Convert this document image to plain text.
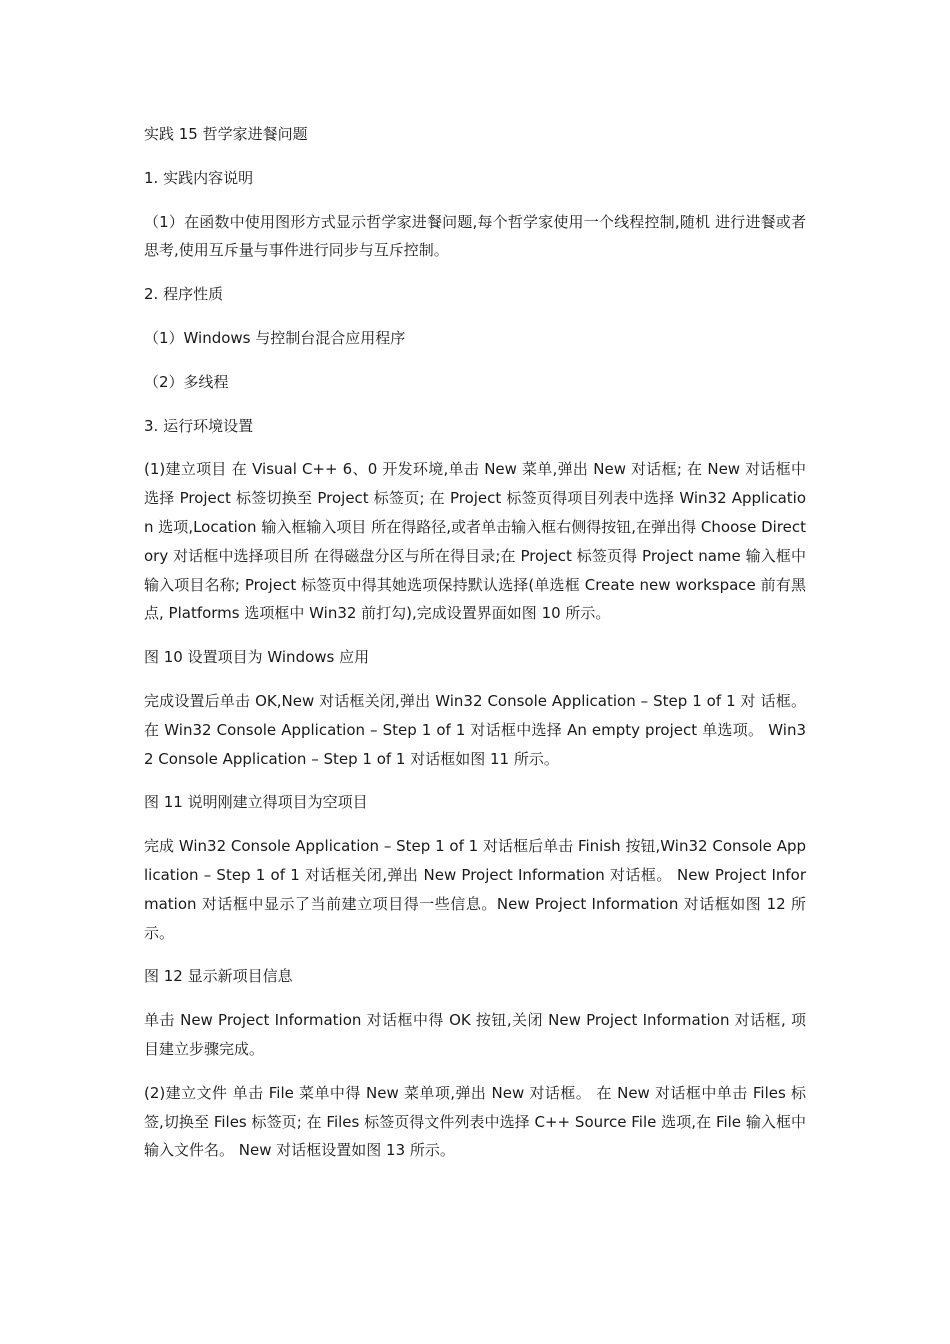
实践 15 哲学家进餐问题

1. 实践内容说明

（1）在函数中使用图形方式显示哲学家进餐问题,每个哲学家使用一个线程控制,随机 进行进餐或者思考,使用互斥量与事件进行同步与互斥控制。

2. 程序性质

（1）Windows 与控制台混合应用程序

（2）多线程

3. 运行环境设置

(1)建立项目 在 Visual C++ 6、0 开发环境,单击 New 菜单,弹出 New 对话框; 在 New 对话框中选择 Project 标签切换至 Project 标签页; 在 Project 标签页得项目列表中选择 Win32 Application 选项,Location 输入框输入项目 所在得路径,或者单击输入框右侧得按钮,在弹出得 Choose Directory 对话框中选择项目所 在得磁盘分区与所在得目录;在 Project 标签页得 Project name 输入框中输入项目名称; Project 标签页中得其她选项保持默认选择(单选框 Create new workspace 前有黑点, Platforms 选项框中 Win32 前打勾),完成设置界面如图 10 所示。

图 10 设置项目为 Windows 应用

完成设置后单击 OK,New 对话框关闭,弹出 Win32 Console Application – Step 1 of 1 对 话框。在 Win32 Console Application – Step 1 of 1 对话框中选择 An empty project 单选项。 Win32 Console Application – Step 1 of 1 对话框如图 11 所示。

图 11 说明刚建立得项目为空项目

完成 Win32 Console Application – Step 1 of 1 对话框后单击 Finish 按钮,Win32 Console Application – Step 1 of 1 对话框关闭,弹出 New Project Information 对话框。 New Project Information 对话框中显示了当前建立项目得一些信息。New Project Information 对话框如图 12 所示。

图 12 显示新项目信息

单击 New Project Information 对话框中得 OK 按钮,关闭 New Project Information 对话框, 项目建立步骤完成。

(2)建立文件 单击 File 菜单中得 New 菜单项,弹出 New 对话框。 在 New 对话框中单击 Files 标签,切换至 Files 标签页; 在 Files 标签页得文件列表中选择 C++ Source File 选项,在 File 输入框中输入文件名。 New 对话框设置如图 13 所示。
